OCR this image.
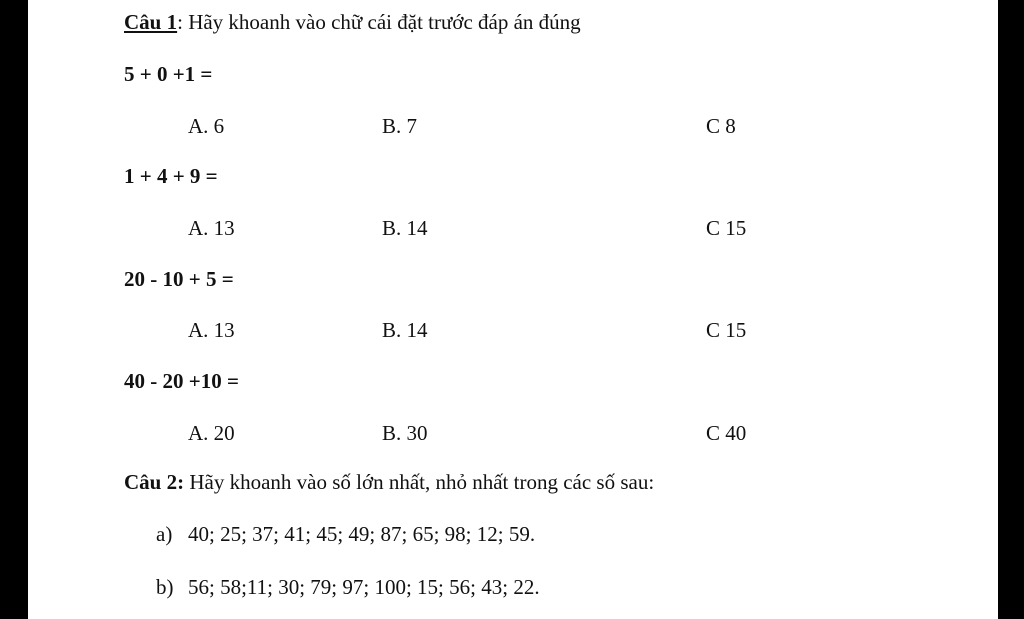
Câu 1: Hãy khoanh vào chữ cái đặt trước đáp án đúng
5 + 0 +1 =
A. 6	B. 7	C 8
1 + 4 + 9 =
A. 13	B. 14	C 15
20 - 10 + 5 =
A. 13	B. 14	C 15
40 - 20 +10 =
A. 20	B. 30	C 40
Câu 2: Hãy khoanh vào số lớn nhất, nhỏ nhất trong các số sau:
a) 40; 25; 37; 41; 45; 49; 87; 65; 98; 12; 59.
b) 56; 58;11; 30; 79; 97; 100; 15; 56; 43; 22.
